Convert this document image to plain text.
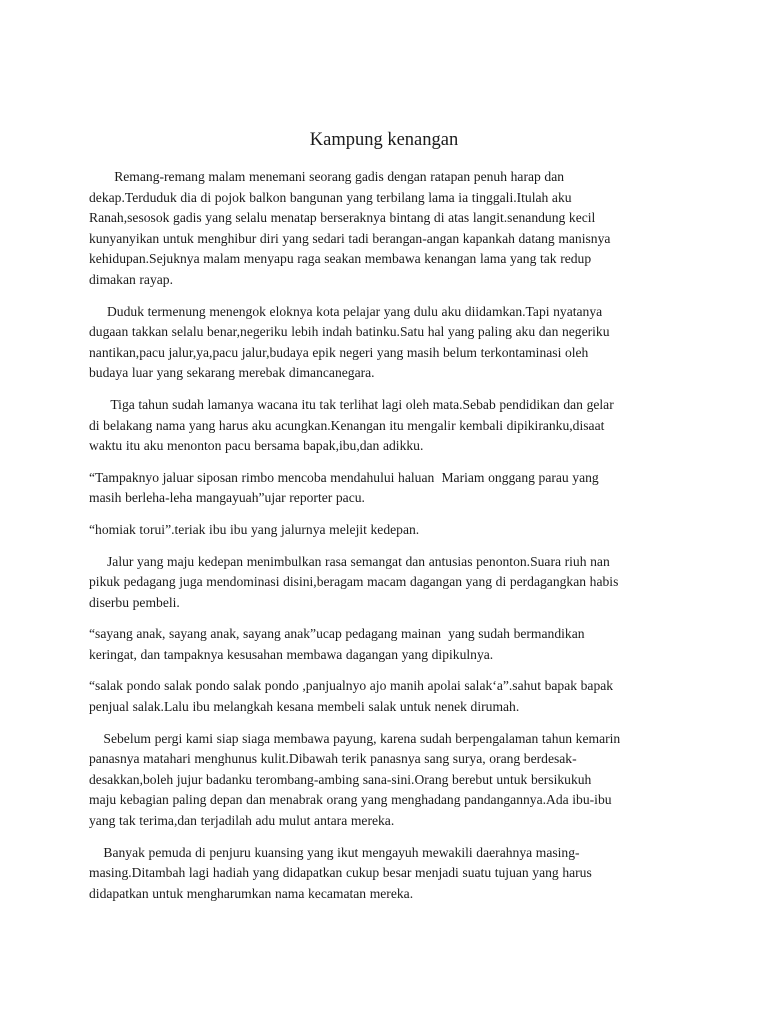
Kampung kenangan
Remang-remang malam menemani seorang gadis dengan ratapan penuh harap dan
dekap.Terduduk dia di pojok balkon bangunan yang terbilang lama ia tinggali.Itulah aku
Ranah,sesosok gadis yang selalu menatap berseraknya bintang di atas langit.senandung kecil
kunyanyikan untuk menghibur diri yang sedari tadi berangan-angan kapankah datang manisnya
kehidupan.Sejuknya malam menyapu raga seakan membawa kenangan lama yang tak redup
dimakan rayap.
Duduk termenung menengok eloknya kota pelajar yang dulu aku diidamkan.Tapi nyatanya
dugaan takkan selalu benar,negeriku lebih indah batinku.Satu hal yang paling aku dan negeriku
nantikan,pacu jalur,ya,pacu jalur,budaya epik negeri yang masih belum terkontaminasi oleh
budaya luar yang sekarang merebak dimancanegara.
Tiga tahun sudah lamanya wacana itu tak terlihat lagi oleh mata.Sebab pendidikan dan gelar
di belakang nama yang harus aku acungkan.Kenangan itu mengalir kembali dipikiranku,disaat
waktu itu aku menonton pacu bersama bapak,ibu,dan adikku.
“Tampaknyo jaluar siposan rimbo mencoba mendahului haluan  Mariam onggang parau yang
masih berleha-leha mangayuah”ujar reporter pacu.
“homiak torui”.teriak ibu ibu yang jalurnya melejit kedepan.
Jalur yang maju kedepan menimbulkan rasa semangat dan antusias penonton.Suara riuh nan
pikuk pedagang juga mendominasi disini,beragam macam dagangan yang di perdagangkan habis
diserbu pembeli.
“sayang anak, sayang anak, sayang anak”ucap pedagang mainan  yang sudah bermandikan
keringat, dan tampaknya kesusahan membawa dagangan yang dipikulnya.
“salak pondo salak pondo salak pondo ,panjualnyo ajo manih apolai salak‘a”.sahut bapak bapak
penjual salak.Lalu ibu melangkah kesana membeli salak untuk nenek dirumah.
Sebelum pergi kami siap siaga membawa payung, karena sudah berpengalaman tahun kemarin
panasnya matahari menghunus kulit.Dibawah terik panasnya sang surya, orang berdesak-
desakkan,boleh jujur badanku terombang-ambing sana-sini.Orang berebut untuk bersikukuh
maju kebagian paling depan dan menabrak orang yang menghadang pandangannya.Ada ibu-ibu
yang tak terima,dan terjadilah adu mulut antara mereka.
Banyak pemuda di penjuru kuansing yang ikut mengayuh mewakili daerahnya masing-
masing.Ditambah lagi hadiah yang didapatkan cukup besar menjadi suatu tujuan yang harus
didapatkan untuk mengharumkan nama kecamatan mereka.
